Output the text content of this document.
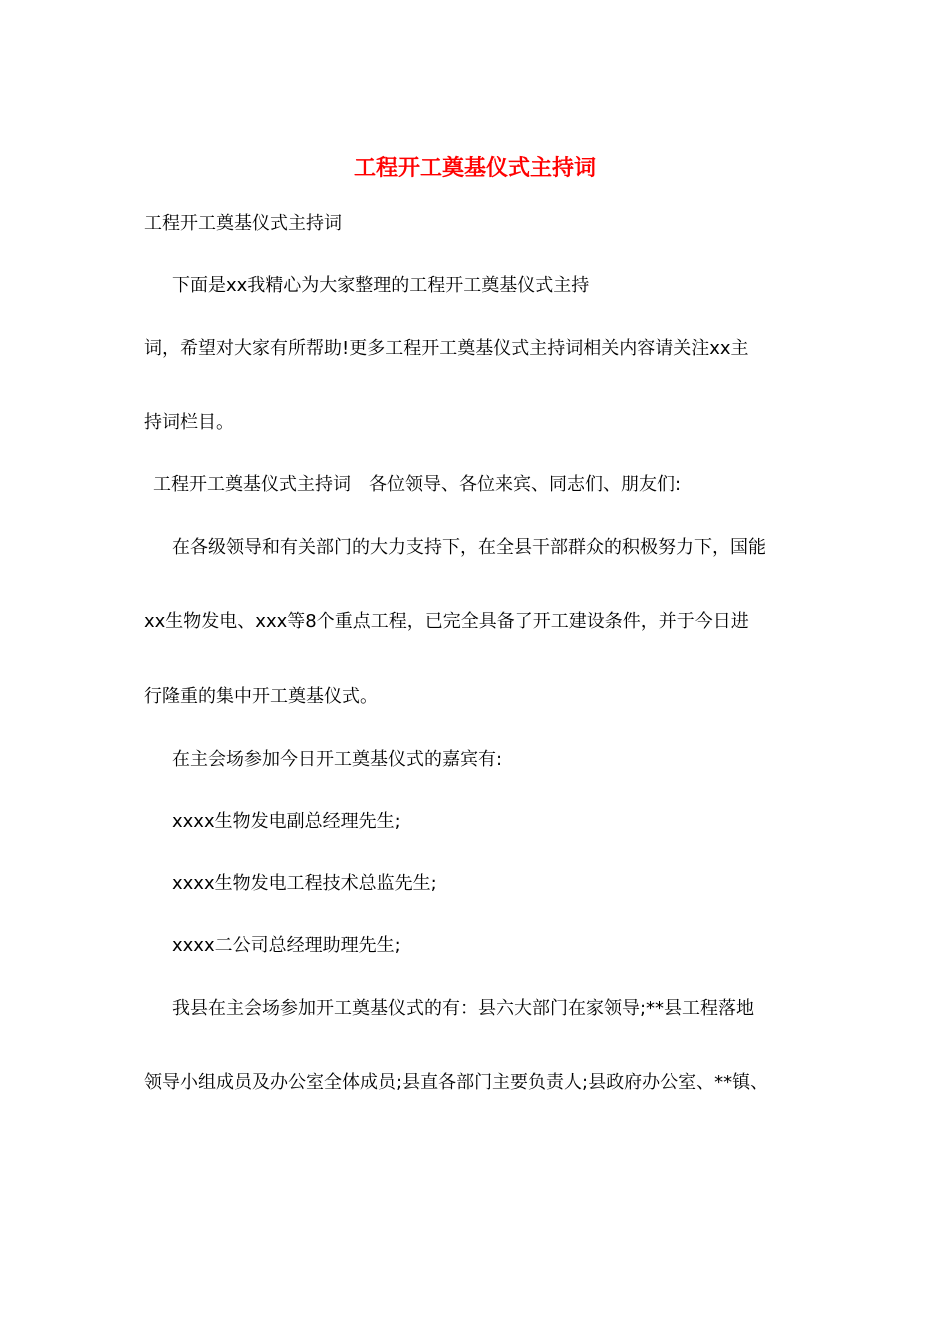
工程开工奠基仪式主持词
工程开工奠基仪式主持词
下面是xx我精心为大家整理的工程开工奠基仪式主持
词，希望对大家有所帮助!更多工程开工奠基仪式主持词相关内容请关注xx主
持词栏目。
工程开工奠基仪式主持词　各位领导、各位来宾、同志们、朋友们:
在各级领导和有关部门的大力支持下，在全县干部群众的积极努力下，国能
xx生物发电、xxx等8个重点工程，已完全具备了开工建设条件，并于今日进
行隆重的集中开工奠基仪式。
在主会场参加今日开工奠基仪式的嘉宾有:
xxxx生物发电副总经理先生;
xxxx生物发电工程技术总监先生;
xxxx二公司总经理助理先生;
我县在主会场参加开工奠基仪式的有：县六大部门在家领导;**县工程落地
领导小组成员及办公室全体成员;县直各部门主要负责人;县政府办公室、**镇、
